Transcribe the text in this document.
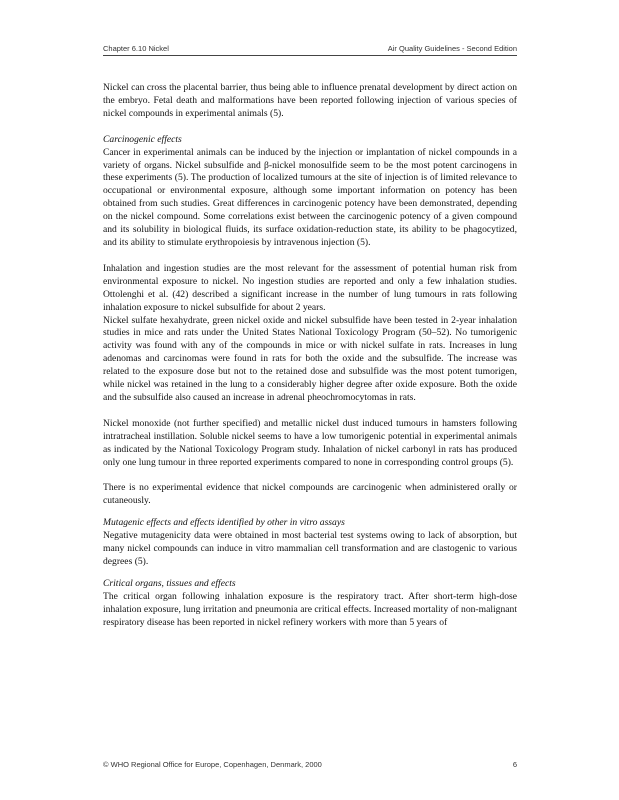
Chapter 6.10 Nickel	Air Quality Guidelines - Second Edition

Nickel can cross the placental barrier, thus being able to influence prenatal development by direct action on the embryo. Fetal death and malformations have been reported following injection of various species of nickel compounds in experimental animals (5).

Carcinogenic effects

Cancer in experimental animals can be induced by the injection or implantation of nickel compounds in a variety of organs. Nickel subsulfide and β-nickel monosulfide seem to be the most potent carcinogens in these experiments (5). The production of localized tumours at the site of injection is of limited relevance to occupational or environmental exposure, although some important information on potency has been obtained from such studies. Great differences in carcinogenic potency have been demonstrated, depending on the nickel compound. Some correlations exist between the carcinogenic potency of a given compound and its solubility in biological fluids, its surface oxidation-reduction state, its ability to be phagocytized, and its ability to stimulate erythropoiesis by intravenous injection (5).

Inhalation and ingestion studies are the most relevant for the assessment of potential human risk from environmental exposure to nickel. No ingestion studies are reported and only a few inhalation studies. Ottolenghi et al. (42) described a significant increase in the number of lung tumours in rats following inhalation exposure to nickel subsulfide for about 2 years.

Nickel sulfate hexahydrate, green nickel oxide and nickel subsulfide have been tested in 2-year inhalation studies in mice and rats under the United States National Toxicology Program (50–52). No tumorigenic activity was found with any of the compounds in mice or with nickel sulfate in rats. Increases in lung adenomas and carcinomas were found in rats for both the oxide and the subsulfide. The increase was related to the exposure dose but not to the retained dose and subsulfide was the most potent tumorigen, while nickel was retained in the lung to a considerably higher degree after oxide exposure. Both the oxide and the subsulfide also caused an increase in adrenal pheochromocytomas in rats.

Nickel monoxide (not further specified) and metallic nickel dust induced tumours in hamsters following intratracheal instillation. Soluble nickel seems to have a low tumorigenic potential in experimental animals as indicated by the National Toxicology Program study. Inhalation of nickel carbonyl in rats has produced only one lung tumour in three reported experiments compared to none in corresponding control groups (5).

There is no experimental evidence that nickel compounds are carcinogenic when administered orally or cutaneously.

Mutagenic effects and effects identified by other in vitro assays

Negative mutagenicity data were obtained in most bacterial test systems owing to lack of absorption, but many nickel compounds can induce in vitro mammalian cell transformation and are clastogenic to various degrees (5).

Critical organs, tissues and effects

The critical organ following inhalation exposure is the respiratory tract. After short-term high-dose inhalation exposure, lung irritation and pneumonia are critical effects. Increased mortality of non-malignant respiratory disease has been reported in nickel refinery workers with more than 5 years of

© WHO Regional Office for Europe, Copenhagen, Denmark, 2000	6
